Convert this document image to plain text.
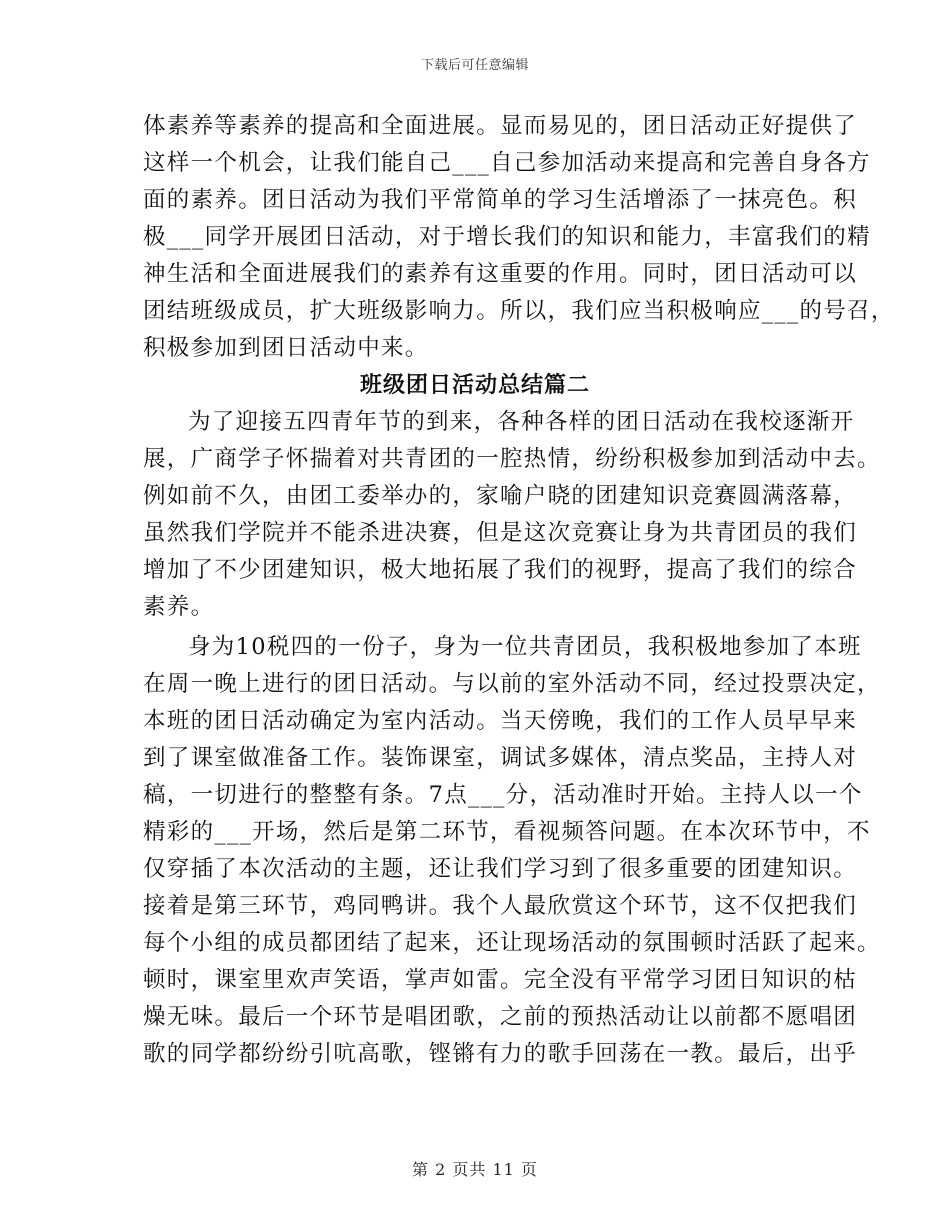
下载后可任意编辑
体素养等素养的提高和全面进展。显而易见的，团日活动正好提供了
这样一个机会，让我们能自己___自己参加活动来提高和完善自身各方
面的素养。团日活动为我们平常简单的学习生活增添了一抹亮色。积
极___同学开展团日活动，对于增长我们的知识和能力，丰富我们的精
神生活和全面进展我们的素养有这重要的作用。同时，团日活动可以
团结班级成员，扩大班级影响力。所以，我们应当积极响应___的号召，
积极参加到团日活动中来。
班级团日活动总结篇二
为了迎接五四青年节的到来，各种各样的团日活动在我校逐渐开
展，广商学子怀揣着对共青团的一腔热情，纷纷积极参加到活动中去。
例如前不久，由团工委举办的，家喻户晓的团建知识竞赛圆满落幕，
虽然我们学院并不能杀进决赛，但是这次竞赛让身为共青团员的我们
增加了不少团建知识，极大地拓展了我们的视野，提高了我们的综合
素养。
身为10税四的一份子，身为一位共青团员，我积极地参加了本班
在周一晚上进行的团日活动。与以前的室外活动不同，经过投票决定，
本班的团日活动确定为室内活动。当天傍晚，我们的工作人员早早来
到了课室做准备工作。装饰课室，调试多媒体，清点奖品，主持人对
稿，一切进行的整整有条。7点___分，活动准时开始。主持人以一个
精彩的___开场，然后是第二环节，看视频答问题。在本次环节中，不
仅穿插了本次活动的主题，还让我们学习到了很多重要的团建知识。
接着是第三环节，鸡同鸭讲。我个人最欣赏这个环节，这不仅把我们
每个小组的成员都团结了起来，还让现场活动的氛围顿时活跃了起来。
顿时，课室里欢声笑语，掌声如雷。完全没有平常学习团日知识的枯
燥无味。最后一个环节是唱团歌，之前的预热活动让以前都不愿唱团
歌的同学都纷纷引吭高歌，铿锵有力的歌手回荡在一教。最后，出乎
第 2 页共 11 页
